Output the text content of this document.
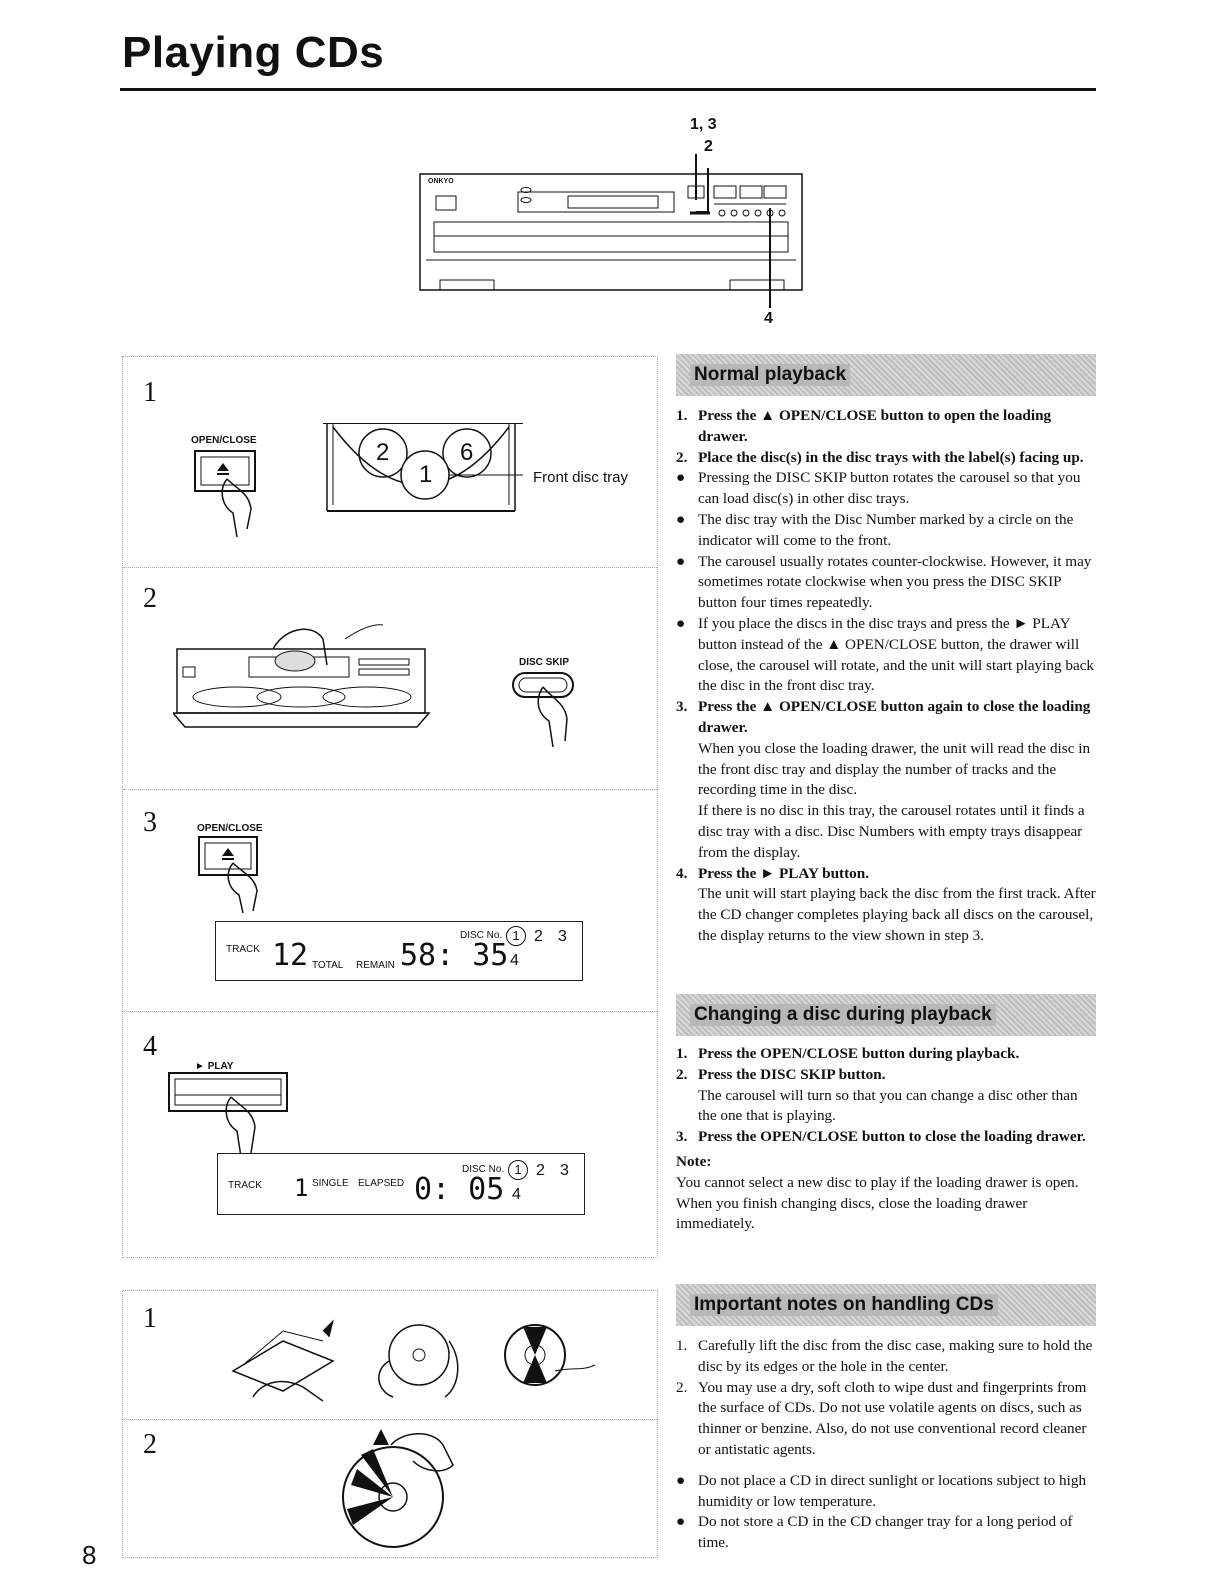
Playing CDs
ONKYO
1, 3
2
4
1
OPEN/CLOSE	2	6
1	Front disc tray
2
DISC SKIP
3	OPEN/CLOSE
TRACK 12 TOTAL REMAIN 58: 35
DISC No. 1 2 3
4
4
► PLAY
TRACK 1 SINGLE ELAPSED 0: 05
DISC No. 1 2 3
4
1
2
Normal playback
1. Press the ▲ OPEN/CLOSE button to open the loading drawer.
2. Place the disc(s) in the disc trays with the label(s) facing up.
● Pressing the DISC SKIP button rotates the carousel so that you can load disc(s) in other disc trays.
● The disc tray with the Disc Number marked by a circle on the indicator will come to the front.
● The carousel usually rotates counter-clockwise. However, it may sometimes rotate clockwise when you press the DISC SKIP button four times repeatedly.
● If you place the discs in the disc trays and press the ► PLAY button instead of the ▲ OPEN/CLOSE button, the drawer will close, the carousel will rotate, and the unit will start playing back the disc in the front disc tray.
3. Press the ▲ OPEN/CLOSE button again to close the loading drawer.

When you close the loading drawer, the unit will read the disc in the front disc tray and display the number of tracks and the recording time in the disc.

If there is no disc in this tray, the carousel rotates until it finds a disc tray with a disc. Disc Numbers with empty trays disappear from the display.

4. Press the ► PLAY button.

The unit will start playing back the disc from the first track. After the CD changer completes playing back all discs on the carousel, the display returns to the view shown in step 3.

Changing a disc during playback
1. Press the OPEN/CLOSE button during playback.
2. Press the DISC SKIP button.

The carousel will turn so that you can change a disc other than the one that is playing.

3. Press the OPEN/CLOSE button to close the loading drawer.

Note:

You cannot select a new disc to play if the loading drawer is open. When you finish changing discs, close the loading drawer immediately.

Important notes on handling CDs
1. Carefully lift the disc from the disc case, making sure to hold the disc by its edges or the hole in the center.
2. You may use a dry, soft cloth to wipe dust and fingerprints from the surface of CDs. Do not use volatile agents on discs, such as thinner or benzine. Also, do not use conventional record cleaner or antistatic agents.
● Do not place a CD in direct sunlight or locations subject to high humidity or low temperature.
● Do not store a CD in the CD changer tray for a long period of time.
8
